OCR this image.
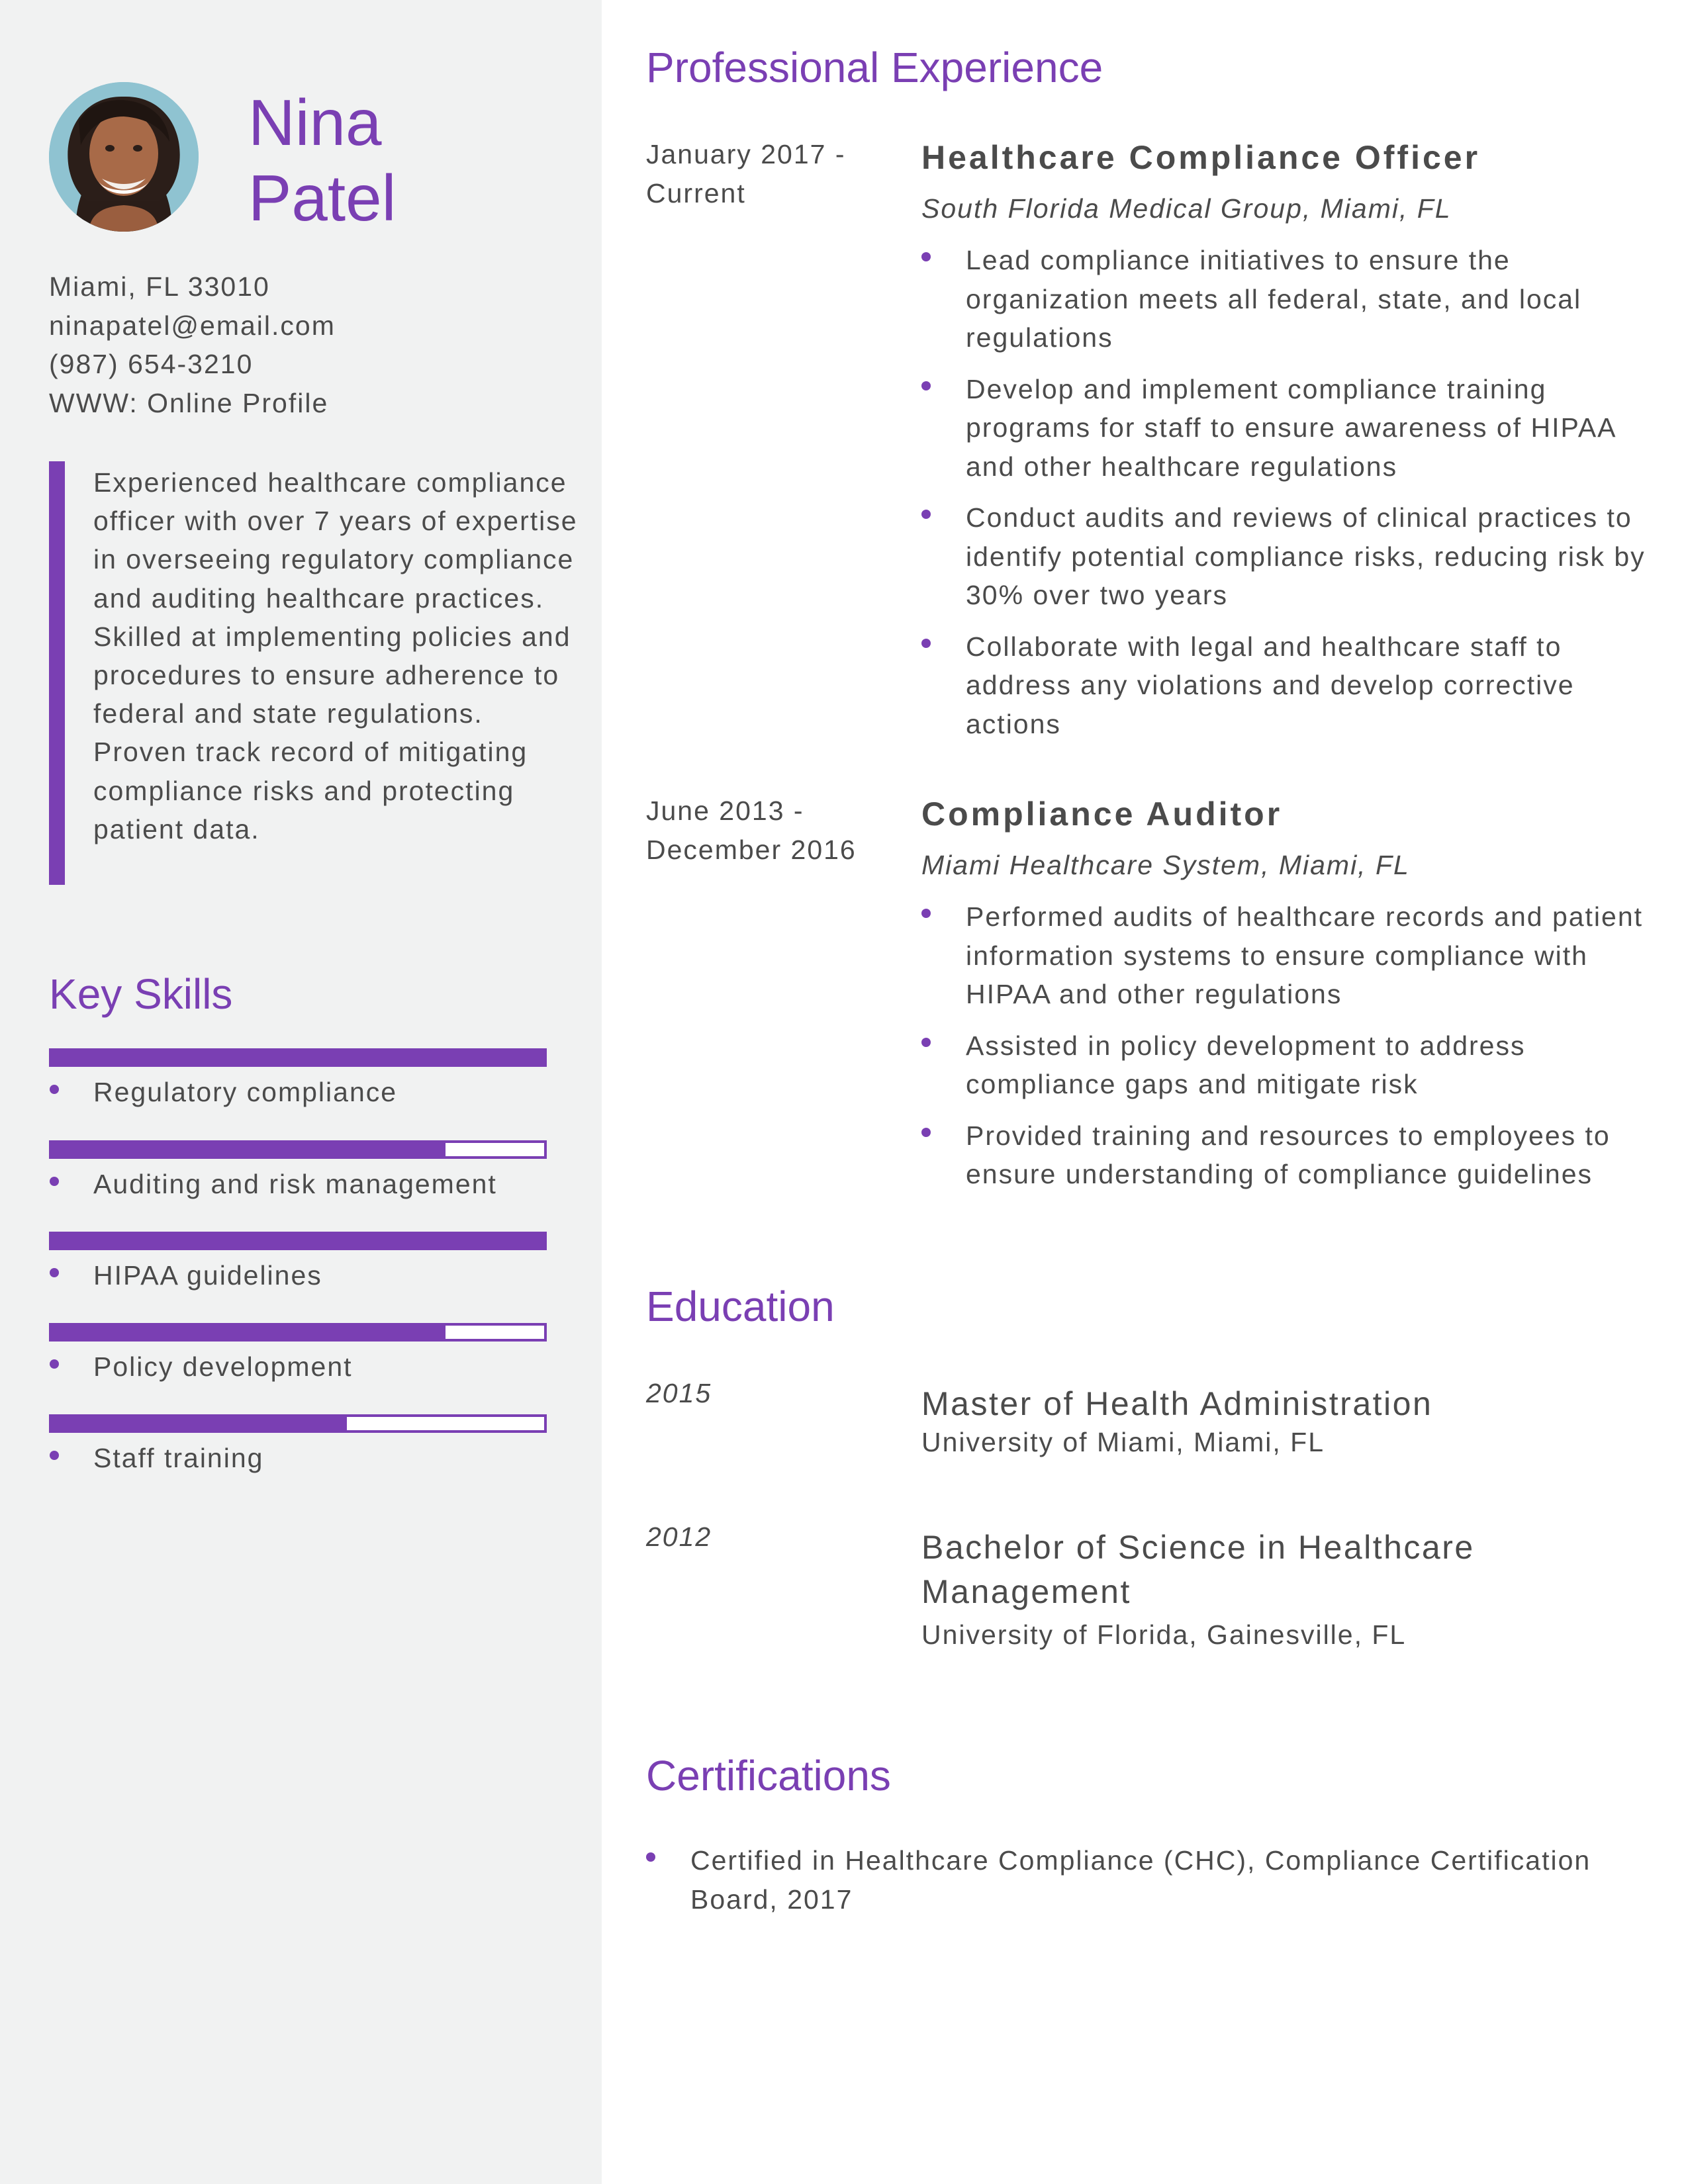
Nina
Patel
Miami, FL 33010
ninapatel@email.com
(987) 654-3210
WWW: Online Profile

Experienced healthcare compliance officer with over 7 years of expertise in overseeing regulatory compliance and auditing healthcare practices. Skilled at implementing policies and procedures to ensure adherence to federal and state regulations. Proven track record of mitigating compliance risks and protecting patient data.

Key Skills
Regulatory compliance
Auditing and risk management
HIPAA guidelines
Policy development
Staff training
Professional Experience
January 2017 - Current
Healthcare Compliance Officer
South Florida Medical Group, Miami, FL
Lead compliance initiatives to ensure the organization meets all federal, state, and local regulations
Develop and implement compliance training programs for staff to ensure awareness of HIPAA and other healthcare regulations
Conduct audits and reviews of clinical practices to identify potential compliance risks, reducing risk by 30% over two years
Collaborate with legal and healthcare staff to address any violations and develop corrective actions
June 2013 - December 2016
Compliance Auditor
Miami Healthcare System, Miami, FL
Performed audits of healthcare records and patient information systems to ensure compliance with HIPAA and other regulations
Assisted in policy development to address compliance gaps and mitigate risk
Provided training and resources to employees to ensure understanding of compliance guidelines
Education
2015	Master of Health Administration
University of Miami, Miami, FL
2012	Bachelor of Science in Healthcare Management
University of Florida, Gainesville, FL
Certifications
Certified in Healthcare Compliance (CHC), Compliance Certification Board, 2017
